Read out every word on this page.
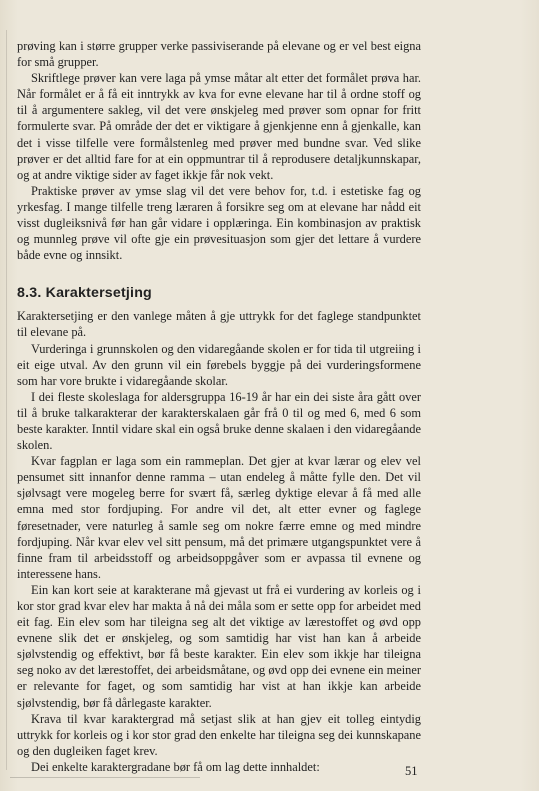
prøving kan i større grupper verke passiviserande på elevane og er vel best eigna for små grupper.

Skriftlege prøver kan vere laga på ymse måtar alt etter det formålet prøva har. Når formålet er å få eit inntrykk av kva for evne elevane har til å ordne stoff og til å argumentere sakleg, vil det vere ønskjeleg med prøver som opnar for fritt formulerte svar. På område der det er viktigare å gjenkjenne enn å gjenkalle, kan det i visse tilfelle vere formålstenleg med prøver med bundne svar. Ved slike prøver er det alltid fare for at ein oppmuntrar til å reprodusere detaljkunnskapar, og at andre viktige sider av faget ikkje får nok vekt.

Praktiske prøver av ymse slag vil det vere behov for, t.d. i estetiske fag og yrkesfag. I mange tilfelle treng læraren å forsikre seg om at elevane har nådd eit visst dugleiksnivå før han går vidare i opplæringa. Ein kombinasjon av praktisk og munnleg prøve vil ofte gje ein prøvesituasjon som gjer det lettare å vurdere både evne og innsikt.

8.3. Karaktersetjing

Karaktersetjing er den vanlege måten å gje uttrykk for det faglege standpunktet til elevane på.

Vurderinga i grunnskolen og den vidaregåande skolen er for tida til utgreiing i eit eige utval. Av den grunn vil ein førebels byggje på dei vurderingsformene som har vore brukte i vidaregåande skolar.

I dei fleste skoleslaga for aldersgruppa 16-19 år har ein dei siste åra gått over til å bruke talkarakterar der karakterskalaen går frå 0 til og med 6, med 6 som beste karakter. Inntil vidare skal ein også bruke denne skalaen i den vidaregåande skolen.

Kvar fagplan er laga som ein rammeplan. Det gjer at kvar lærar og elev vel pensumet sitt innanfor denne ramma – utan endeleg å måtte fylle den. Det vil sjølvsagt vere mogeleg berre for svært få, særleg dyktige elevar å få med alle emna med stor fordjuping. For andre vil det, alt etter evner og faglege føresetnader, vere naturleg å samle seg om nokre færre emne og med mindre fordjuping. Når kvar elev vel sitt pensum, må det primære utgangspunktet vere å finne fram til arbeidsstoff og arbeidsoppgåver som er avpassa til evnene og interessene hans.

Ein kan kort seie at karakterane må gjevast ut frå ei vurdering av korleis og i kor stor grad kvar elev har makta å nå dei måla som er sette opp for arbeidet med eit fag. Ein elev som har tileigna seg alt det viktige av lærestoffet og øvd opp evnene slik det er ønskjeleg, og som samtidig har vist han kan å arbeide sjølvstendig og effektivt, bør få beste karakter. Ein elev som ikkje har tileigna seg noko av det lærestoffet, dei arbeidsmåtane, og øvd opp dei evnene ein meiner er relevante for faget, og som samtidig har vist at han ikkje kan arbeide sjølvstendig, bør få dårlegaste karakter.

Krava til kvar karaktergrad må setjast slik at han gjev eit tolleg eintydig uttrykk for korleis og i kor stor grad den enkelte har tileigna seg dei kunnskapane og den dugleiken faget krev.

Dei enkelte karaktergradane bør få om lag dette innhaldet:	51
